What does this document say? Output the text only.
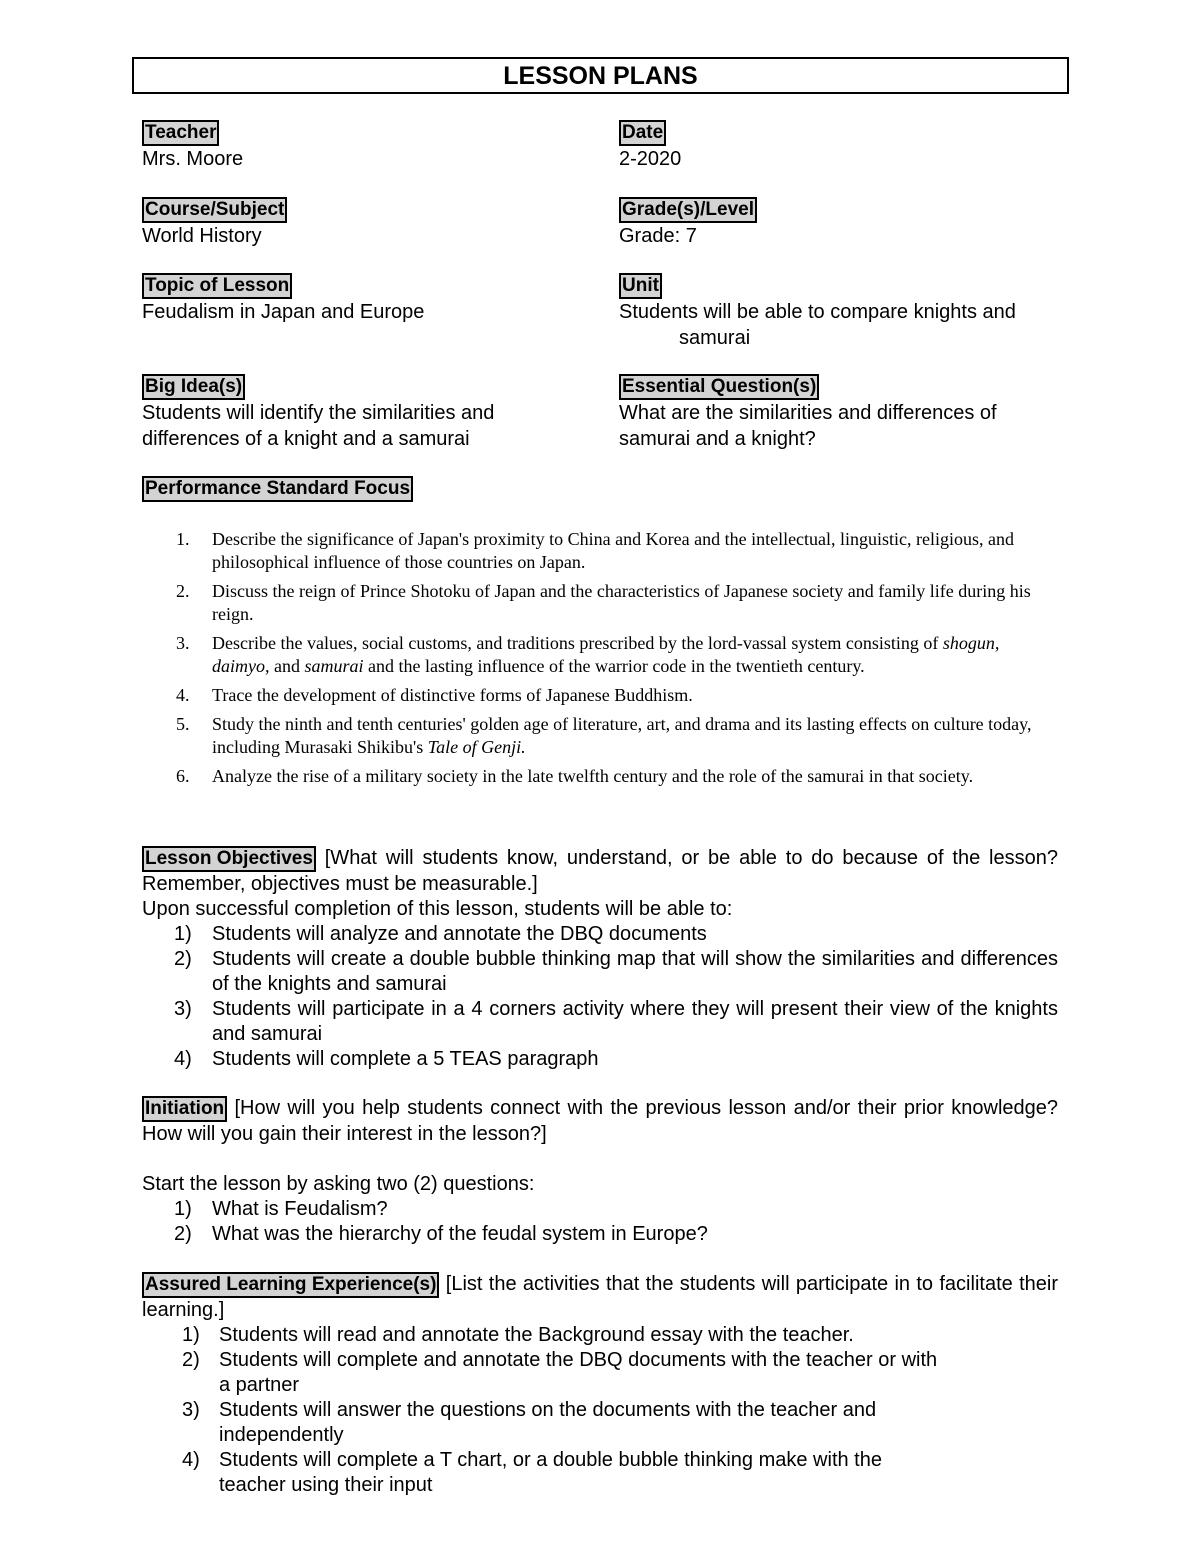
LESSON PLANS
Teacher
Mrs. Moore
Course/Subject
World History
Topic of Lesson
Feudalism in Japan and Europe
Big Idea(s)
Students will identify the similarities and
differences of a knight and a samurai
Date
2-2020
Grade(s)/Level
Grade: 7
Unit
Students will be able to compare knights and
samurai
Essential Question(s)
What are the similarities and differences of
samurai and a knight?
Performance Standard Focus
1. Describe the significance of Japan's proximity to China and Korea and the intellectual, linguistic, religious, and philosophical influence of those countries on Japan.
2. Discuss the reign of Prince Shotoku of Japan and the characteristics of Japanese society and family life during his reign.
3. Describe the values, social customs, and traditions prescribed by the lord-vassal system consisting of shogun, daimyo, and samurai and the lasting influence of the warrior code in the twentieth century.
4. Trace the development of distinctive forms of Japanese Buddhism.
5. Study the ninth and tenth centuries' golden age of literature, art, and drama and its lasting effects on culture today, including Murasaki Shikibu's Tale of Genji.
6. Analyze the rise of a military society in the late twelfth century and the role of the samurai in that society.
Lesson Objectives [What will students know, understand, or be able to do because of the lesson? Remember, objectives must be measurable.]
Upon successful completion of this lesson, students will be able to:
1) Students will analyze and annotate the DBQ documents
2) Students will create a double bubble thinking map that will show the similarities and differences of the knights and samurai
3) Students will participate in a 4 corners activity where they will present their view of the knights and samurai
4) Students will complete a 5 TEAS paragraph
Initiation [How will you help students connect with the previous lesson and/or their prior knowledge? How will you gain their interest in the lesson?]
Start the lesson by asking two (2) questions:
1) What is Feudalism?
2) What was the hierarchy of the feudal system in Europe?
Assured Learning Experience(s) [List the activities that the students will participate in to facilitate their learning.]
1) Students will read and annotate the Background essay with the teacher.
2) Students will complete and annotate the DBQ documents with the teacher or with a partner
3) Students will answer the questions on the documents with the teacher and independently
4) Students will complete a T chart, or a double bubble thinking make with the teacher using their input
